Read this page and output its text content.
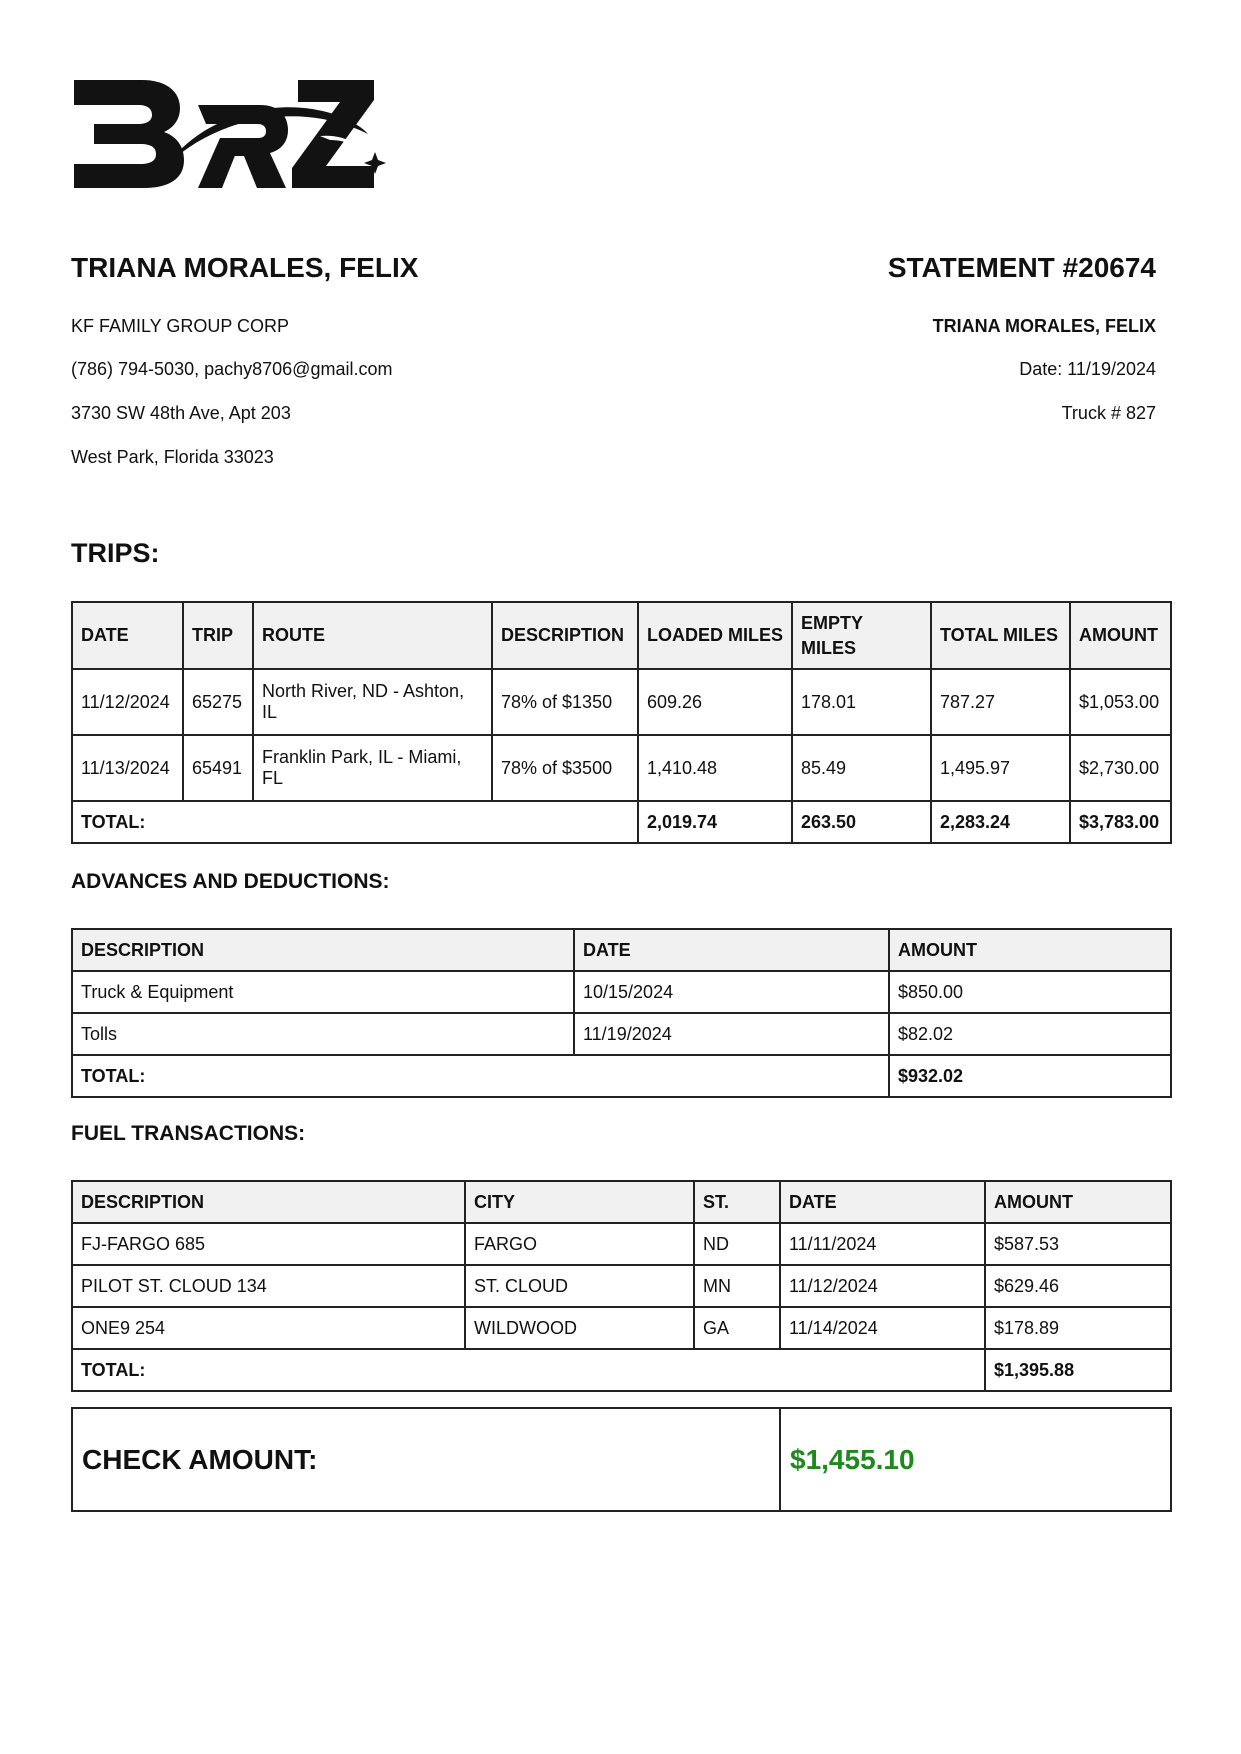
TRIANA MORALES, FELIX	STATEMENT #20674
KF FAMILY GROUP CORP
(786) 794-5030, pachy8706@gmail.com
3730 SW 48th Ave, Apt 203
West Park, Florida 33023
TRIANA MORALES, FELIX
Date: 11/19/2024
Truck # 827
TRIPS:
DATE	TRIP	ROUTE	DESCRIPTION	LOADED MILES	EMPTY MILES	TOTAL MILES	AMOUNT
11/12/2024	65275	North River, ND - Ashton, IL	78% of $1350	609.26	178.01	787.27	$1,053.00
11/13/2024	65491	Franklin Park, IL - Miami, FL	78% of $3500	1,410.48	85.49	1,495.97	$2,730.00
TOTAL:				2,019.74	263.50	2,283.24	$3,783.00
ADVANCES AND DEDUCTIONS:
DESCRIPTION	DATE	AMOUNT
Truck & Equipment	10/15/2024	$850.00
Tolls	11/19/2024	$82.02
TOTAL:		$932.02
FUEL TRANSACTIONS:
DESCRIPTION	CITY	ST.	DATE	AMOUNT
FJ-FARGO 685	FARGO	ND	11/11/2024	$587.53
PILOT ST. CLOUD 134	ST. CLOUD	MN	11/12/2024	$629.46
ONE9 254	WILDWOOD	GA	11/14/2024	$178.89
TOTAL:				$1,395.88
CHECK AMOUNT:	$1,455.10
